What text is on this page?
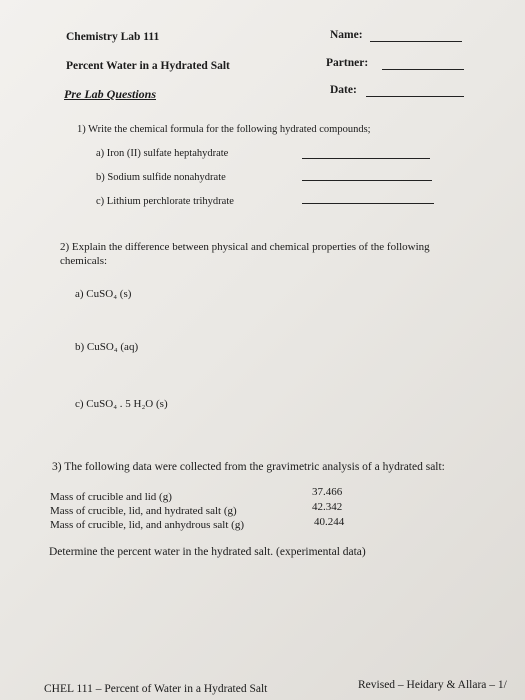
Chemistry Lab 111	Name:
Percent Water in a Hydrated Salt	Partner:
Pre Lab Questions	Date:
1) Write the chemical formula for the following hydrated compounds;
a) Iron (II) sulfate heptahydrate
b) Sodium sulfide nonahydrate
c) Lithium perchlorate trihydrate
2) Explain the difference between physical and chemical properties of the following
chemicals:
a) CuSO₄ (s)
b) CuSO₄ (aq)
c) CuSO₄ . 5 H₂O (s)
3) The following data were collected from the gravimetric analysis of a hydrated salt:
Mass of crucible and lid (g)	37.466
Mass of crucible, lid, and hydrated salt (g)	42.342
Mass of crucible, lid, and anhydrous salt (g)	40.244
Determine the percent water in the hydrated salt. (experimental data)
CHEL 111 – Percent of Water in a Hydrated Salt	Revised – Heidary & Allara – 1/
